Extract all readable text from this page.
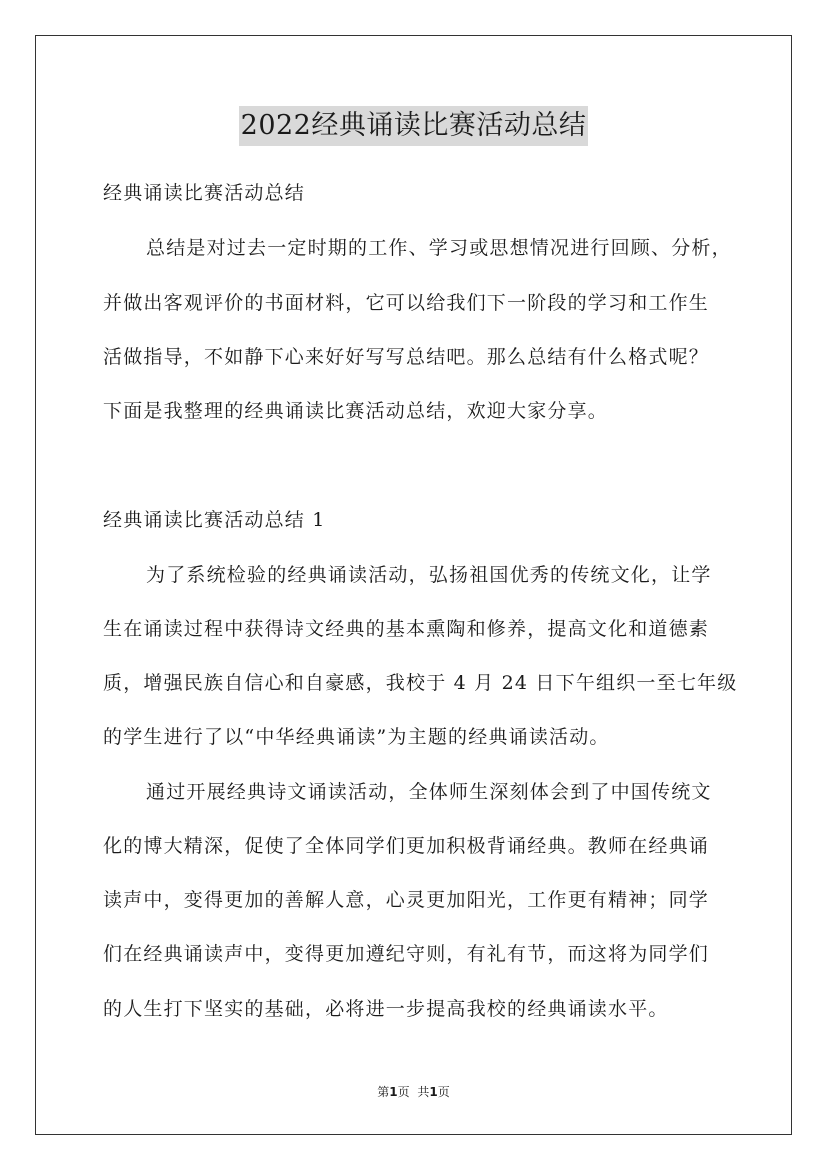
2022经典诵读比赛活动总结

经典诵读比赛活动总结

总结是对过去一定时期的工作、学习或思想情况进行回顾、分析，

并做出客观评价的书面材料，它可以给我们下一阶段的学习和工作生

活做指导，不如静下心来好好写写总结吧。那么总结有什么格式呢？

下面是我整理的经典诵读比赛活动总结，欢迎大家分享。

经典诵读比赛活动总结 1

为了系统检验的经典诵读活动，弘扬祖国优秀的传统文化，让学

生在诵读过程中获得诗文经典的基本熏陶和修养，提高文化和道德素

质，增强民族自信心和自豪感，我校于 4 月 24 日下午组织一至七年级

的学生进行了以“中华经典诵读”为主题的经典诵读活动。

通过开展经典诗文诵读活动，全体师生深刻体会到了中国传统文

化的博大精深，促使了全体同学们更加积极背诵经典。教师在经典诵

读声中，变得更加的善解人意，心灵更加阳光，工作更有精神；同学

们在经典诵读声中，变得更加遵纪守则，有礼有节，而这将为同学们

的人生打下坚实的基础，必将进一步提高我校的经典诵读水平。

第1页 共1页
